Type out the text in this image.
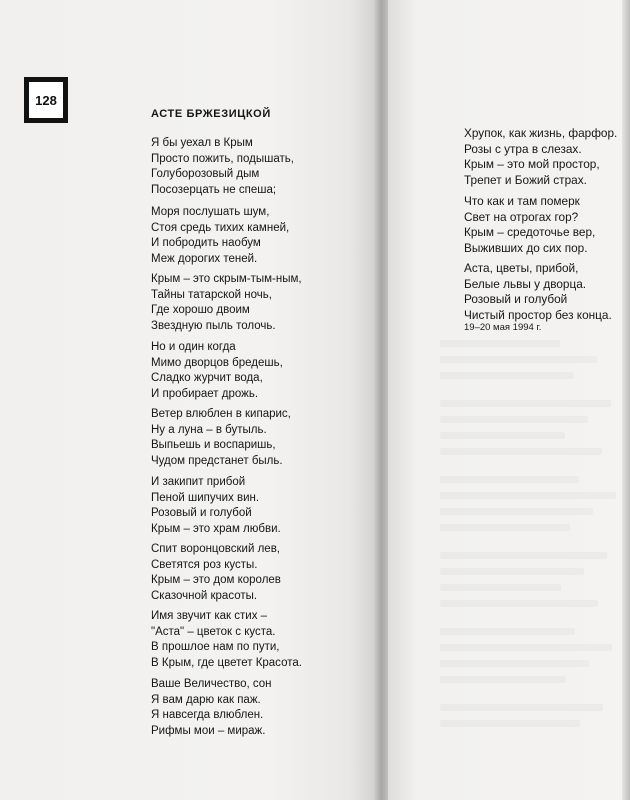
128
АСТЕ БРЖЕЗИЦКОЙ
Я бы уехал в Крым
Просто пожить, подышать,
Голуборозовый дым
Посозерцать не спеша;
Моря послушать шум,
Стоя средь тихих камней,
И побродить наобум
Меж дорогих теней.
Крым – это скрым-тым-ным,
Тайны татарской ночь,
Где хорошо двоим
Звездную пыль толочь.
Но и один когда
Мимо дворцов бредешь,
Сладко журчит вода,
И пробирает дрожь.
Ветер влюблен в кипарис,
Ну а луна – в бутыль.
Выпьешь и воспаришь,
Чудом предстанет быль.
И закипит прибой
Пеной шипучих вин.
Розовый и голубой
Крым – это храм любви.
Спит воронцовский лев,
Светятся роз кусты.
Крым – это дом королев
Сказочной красоты.
Имя звучит как стих –
"Аста" – цветок с куста.
В прошлое нам по пути,
В Крым, где цветет Красота.
Ваше Величество, сон
Я вам дарю как паж.
Я навсегда влюблен.
Рифмы мои – мираж.
Хрупок, как жизнь, фарфор.
Розы с утра в слезах.
Крым – это мой простор,
Трепет и Божий страх.
Что как и там померк
Свет на отрогах гор?
Крым – средоточье вер,
Выживших до сих пор.
Аста, цветы, прибой,
Белые львы у дворца.
Розовый и голубой
Чистый простор без конца.
19–20 мая 1994 г.
